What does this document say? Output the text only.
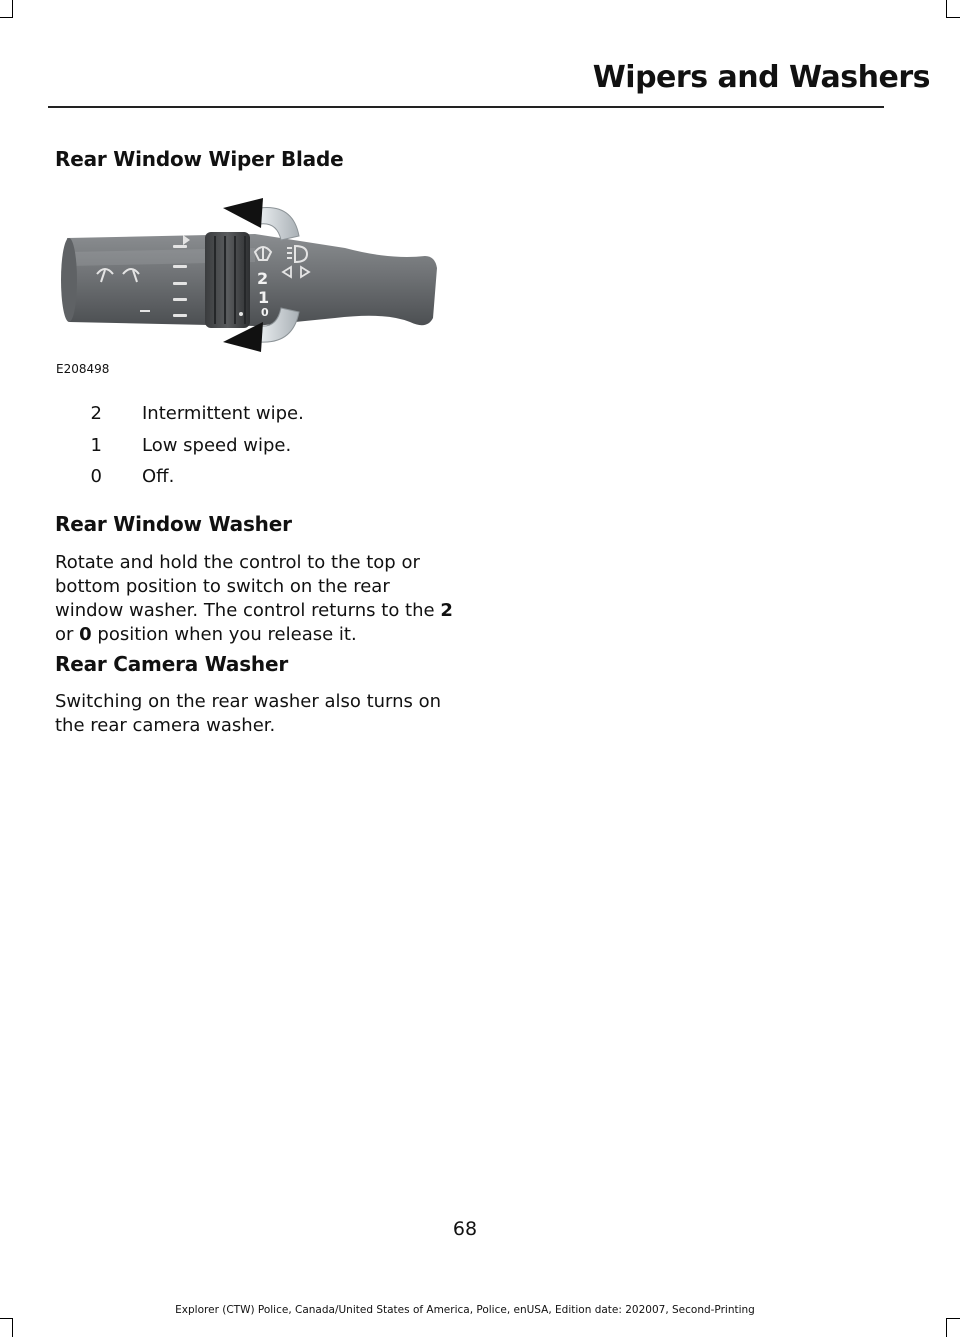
Wipers and Washers
Rear Window Wiper Blade
2
1
0
E208498
2 Intermittent wipe.
1 Low speed wipe.
0 Off.
Rear Window Washer
Rotate and hold the control to the top or bottom position to switch on the rear window washer. The control returns to the 2 or 0 position when you release it.
Rear Camera Washer
Switching on the rear washer also turns on the rear camera washer.
68
Explorer (CTW) Police, Canada/United States of America, Police, enUSA, Edition date: 202007, Second-Printing
